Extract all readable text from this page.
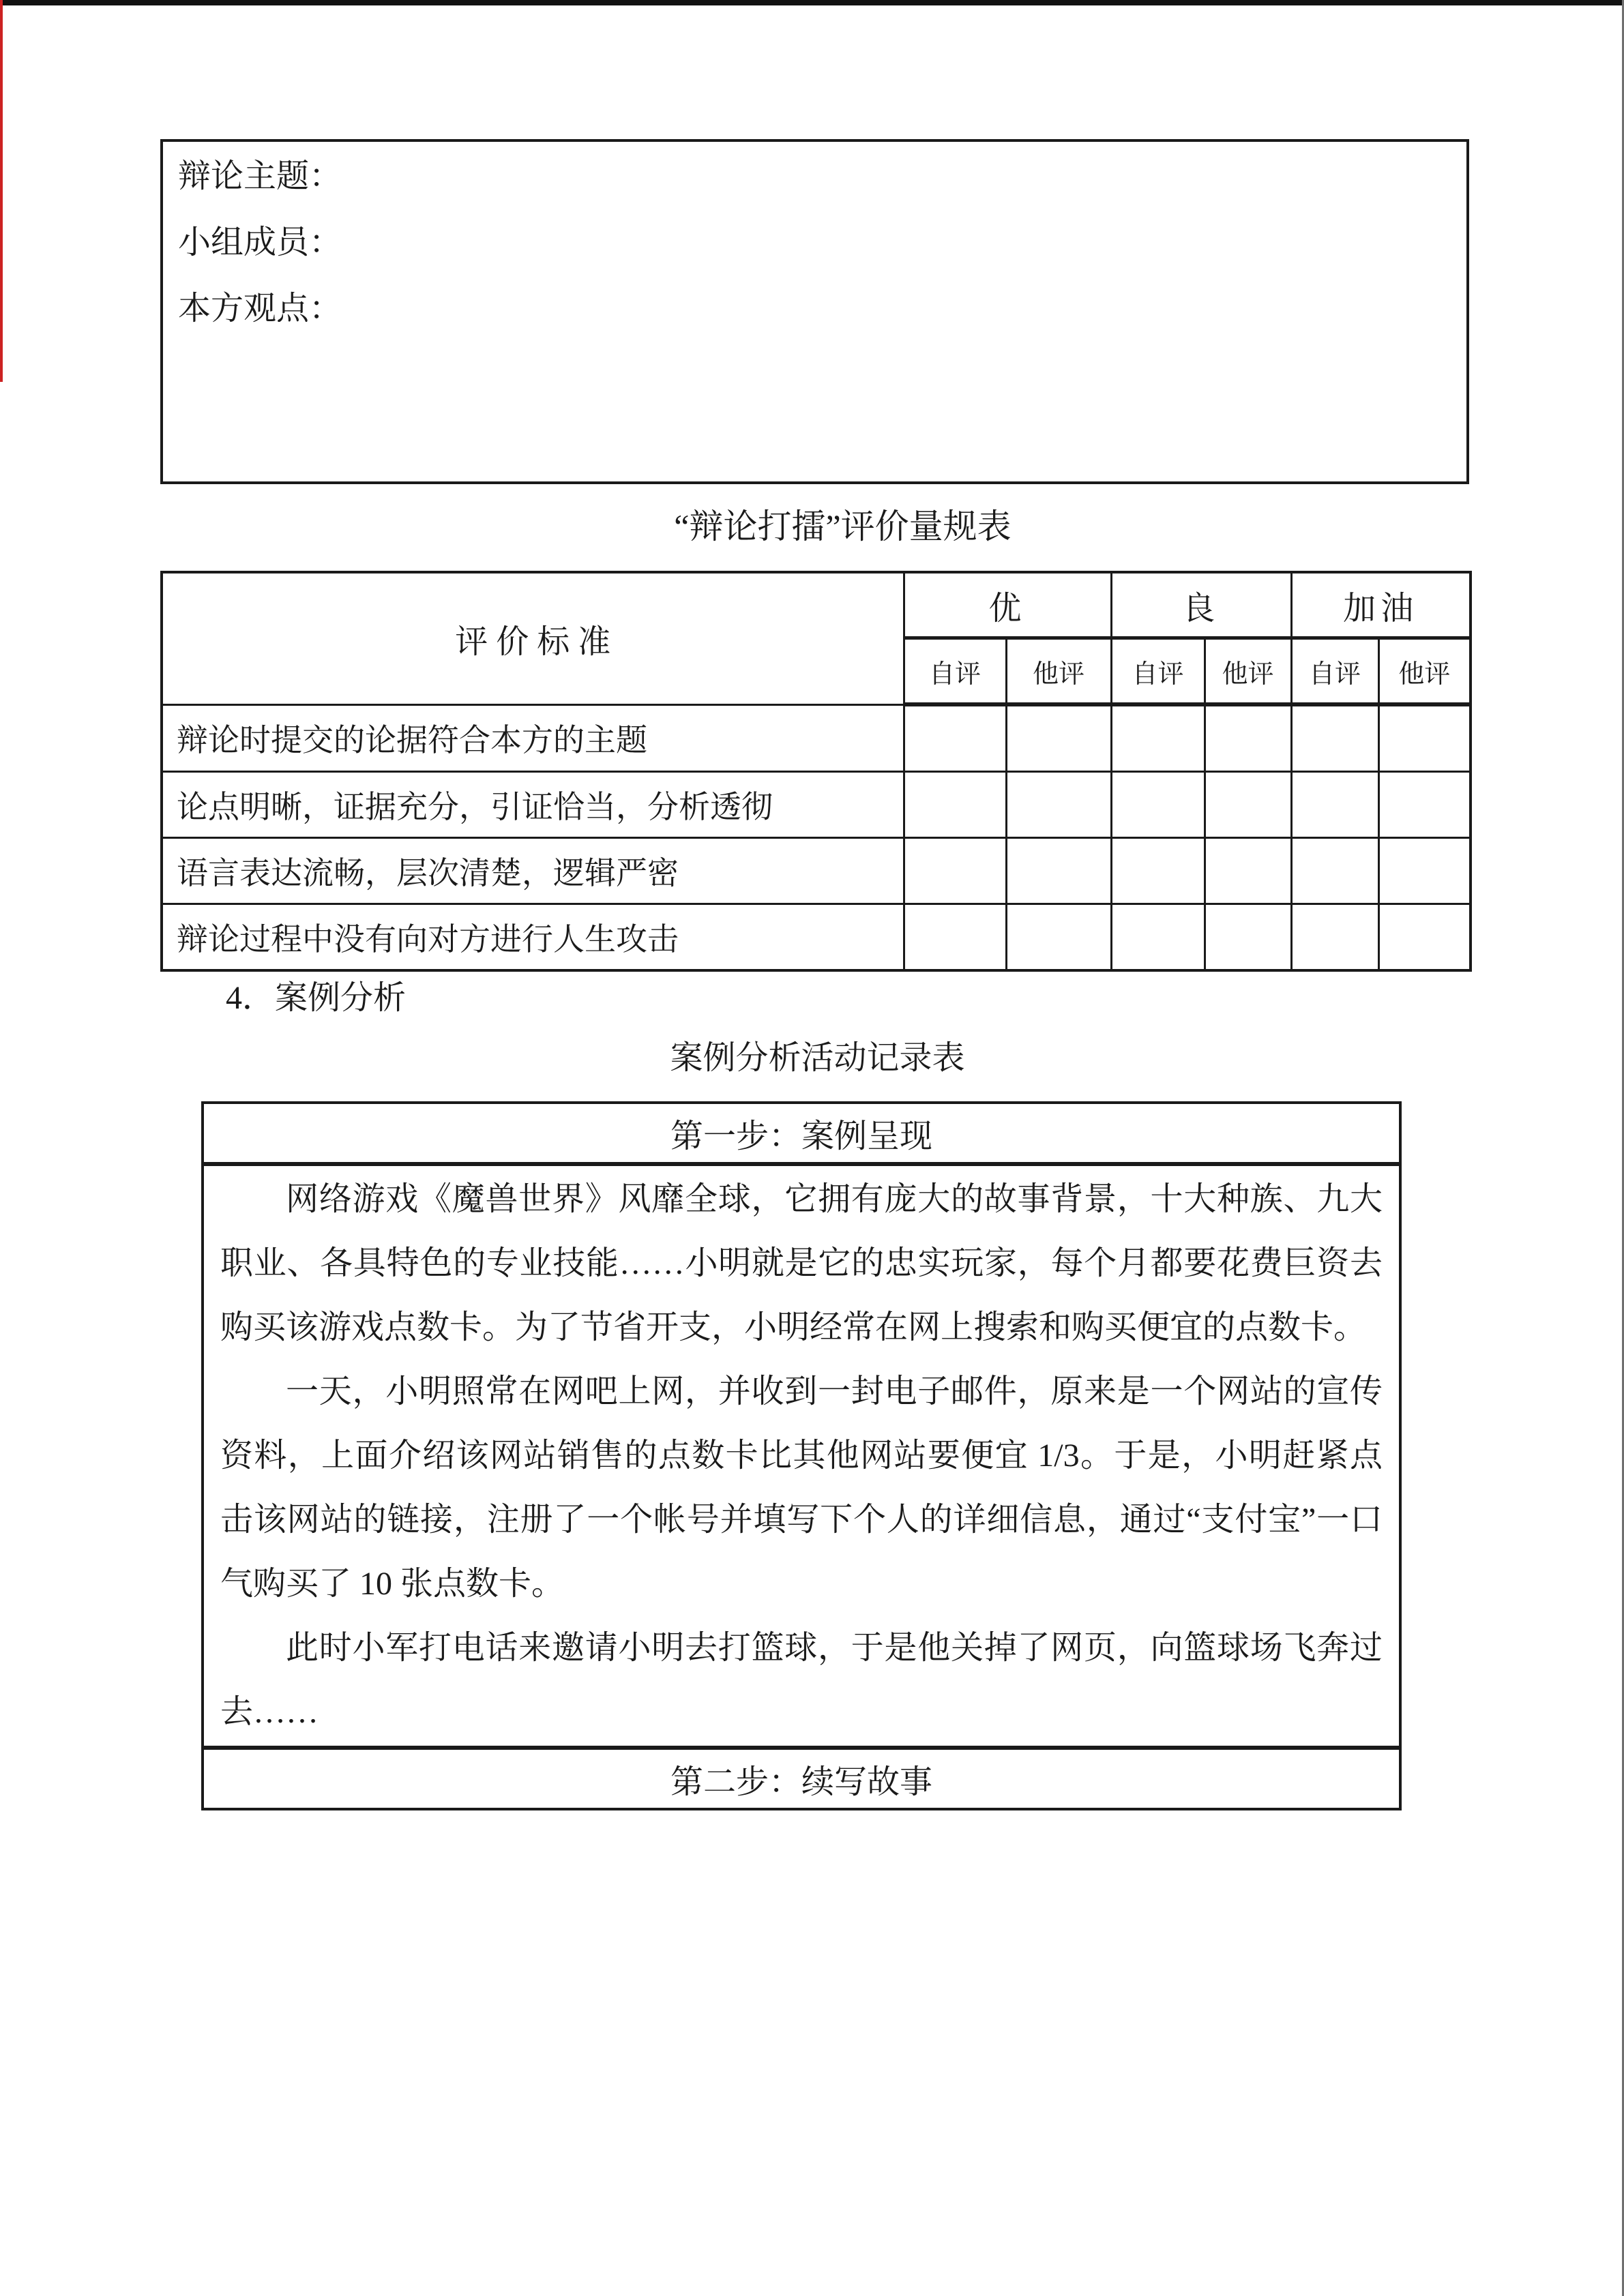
辩论主题：
小组成员：
本方观点：
“辩论打擂”评价量规表
评 价 标 准	优		良		加油	
	自评	他评	自评	他评	自评	他评
辩论时提交的论据符合本方的主题						
论点明晰，证据充分，引证恰当，分析透彻						
语言表达流畅，层次清楚，逻辑严密						
辩论过程中没有向对方进行人生攻击						
4．案例分析
案例分析活动记录表
第一步：案例呈现

网络游戏《魔兽世界》风靡全球，它拥有庞大的故事背景，十大种族、九大职业、各具特色的专业技能……小明就是它的忠实玩家，每个月都要花费巨资去购买该游戏点数卡。为了节省开支，小明经常在网上搜索和购买便宜的点数卡。

一天，小明照常在网吧上网，并收到一封电子邮件，原来是一个网站的宣传资料，上面介绍该网站销售的点数卡比其他网站要便宜 1/3。于是，小明赶紧点击该网站的链接，注册了一个帐号并填写下个人的详细信息，通过“支付宝”一口气购买了 10 张点数卡。

此时小军打电话来邀请小明去打篮球，于是他关掉了网页，向篮球场飞奔过去……

第二步：续写故事
